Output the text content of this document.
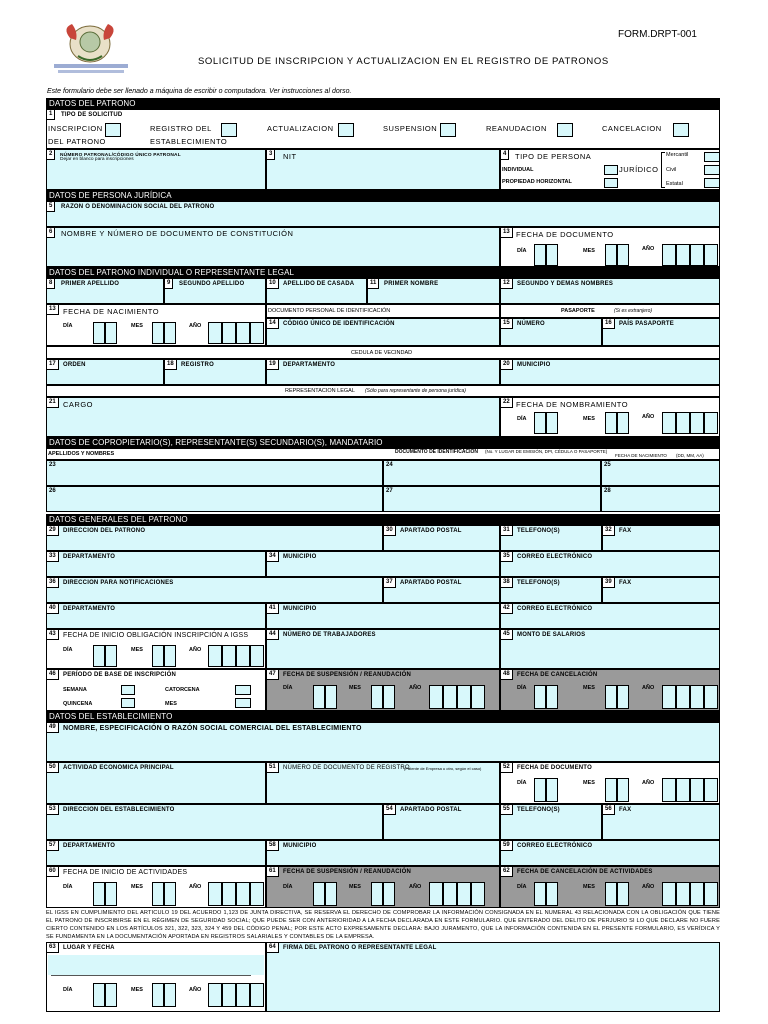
FORM.DRPT-001
SOLICITUD DE INSCRIPCION Y ACTUALIZACION EN EL REGISTRO DE PATRONOS
Este formulario debe ser llenado a máquina de escribir o computadora. Ver instrucciones al dorso.
DATOS DEL PATRONO
1	TIPO DE SOLICITUD
INSCRIPCION
DEL PATRONO
REGISTRO DEL
ESTABLECIMIENTO
ACTUALIZACION	SUSPENSION	REANUDACION	CANCELACION
2	NÚMERO PATRONAL/CÓDIGO ÚNICO PATRONAL
Dejar en blanco para inscripciones
3	NIT	4	TIPO DE PERSONA
INDIVIDUAL	JURÍDICO
PROPIEDAD HORIZONTAL
Mercantil
Civil
Estatal
DATOS DE PERSONA JURÍDICA
5	RAZON O DENOMINACION SOCIAL DEL PATRONO
6	NOMBRE Y NÚMERO DE DOCUMENTO DE CONSTITUCIÓN	13 FECHA DE DOCUMENTO
DÍA	MES	AÑO
DATOS DEL PATRONO INDIVIDUAL O REPRESENTANTE LEGAL
8	PRIMER APELLIDO	9	SEGUNDO APELLIDO	10	APELLIDO DE CASADA	11	PRIMER NOMBRE	12	SEGUNDO Y DEMAS NOMBRES
13 FECHA DE NACIMIENTO
DÍA	MES	AÑO
DOCUMENTO PERSONAL DE IDENTIFICACIÓN	PASAPORTE	(Si es extranjero)
14	CÓDIGO ÚNICO DE IDENTIFICACIÓN	15	NÚMERO	16	PAÍS PASAPORTE
CEDULA DE VECINDAD
17	ORDEN	18	REGISTRO	19	DEPARTAMENTO	20	MUNICIPIO
REPRESENTACION LEGAL (Sólo para representante de persona jurídica)
21 CARGO	22 FECHA DE NOMBRAMIENTO
DÍA	MES	AÑO
DATOS DE COPROPIETARIO(S), REPRESENTANTE(S) SECUNDARIO(S), MANDATARIO
APELLIDOS Y NOMBRES	DOCUMENTO DE IDENTIFICACIÓN (No. Y LUGAR DE EMISIÓN, DPI, CÉDULA O PASAPORTE)
FECHA DE NACIMIENTO (DD, MM, AA)
23	24	25
26	27	28
DATOS GENERALES DEL PATRONO
29	DIRECCION DEL PATRONO	30	APARTADO POSTAL	31	TELEFONO(S)	32	FAX
33	DEPARTAMENTO	34	MUNICIPIO	35	CORREO ELECTRÓNICO
36	DIRECCION PARA NOTIFICACIONES	37	APARTADO POSTAL	38	TELEFONO(S)	39	FAX
40	DEPARTAMENTO	41	MUNICIPIO	42	CORREO ELECTRÓNICO
43	FECHA DE INICIO OBLIGACIÓN INSCRIPCIÓN A IGSS
DÍA	MES	AÑO
44	NÚMERO DE TRABAJADORES	45	MONTO DE SALARIOS
46	PERÍODO DE BASE DE INSCRIPCIÓN
SEMANA	CATORCENA
QUINCENA	MES
47	FECHA DE SUSPENSIÓN / REANUDACIÓN
DÍA	MES	AÑO
48	FECHA DE CANCELACIÓN
DÍA	MES	AÑO
DATOS DEL ESTABLECIMIENTO
49	NOMBRE, ESPECIFICACIÓN O RAZÓN SOCIAL COMERCIAL DEL ESTABLECIMIENTO
50	ACTIVIDAD ECONOMICA PRINCIPAL	51	NÚMERO DE DOCUMENTO DE REGISTRO
(Patente de Empresa u otro, según el caso)	52	FECHA DE DOCUMENTO
DÍA	MES	AÑO
53	DIRECCION DEL ESTABLECIMIENTO	54	APARTADO POSTAL	55	TELEFONO(S)	56	FAX
57	DEPARTAMENTO	58	MUNICIPIO	59	CORREO ELECTRÓNICO
60	FECHA DE INICIO DE ACTIVIDADES
DÍA	MES	AÑO
61	FECHA DE SUSPENSIÓN / REANUDACIÓN
DÍA	MES	AÑO
62	FECHA DE CANCELACIÓN DE ACTIVIDADES
DÍA	MES	AÑO
EL IGSS EN CUMPLIMIENTO DEL ARTICULO 19 DEL ACUERDO 1,123 DE JUNTA DIRECTIVA, SE RESERVA EL DERECHO DE COMPROBAR LA INFORMACIÓN CONSIGNADA EN EL NUMERAL 43 RELACIONADA CON LA OBLIGACIÓN QUE TIENE EL PATRONO DE INSCRIBIRSE EN EL RÉGIMEN DE SEGURIDAD SOCIAL; QUE PUEDE SER CON ANTERIORIDAD A LA FECHA DECLARADA EN ESTE FORMULARIO. QUE ENTERADO DEL DELITO DE PERJURIO SI LO QUE DECLARE NO FUERE CIERTO CONTENIDO EN LOS ARTÍCULOS 321, 322, 323, 324 Y 459 DEL CÓDIGO PENAL; POR ESTE ACTO EXPRESAMENTE DECLARA: BAJO JURAMENTO, QUE LA INFORMACIÓN CONTENIDA EN EL PRESENTE FORMULARIO, ES VERÍDICA Y SE FUNDAMENTA EN LA DOCUMENTACIÓN APORTADA EN REGISTROS SALARIALES Y CONTABLES DE LA EMPRESA.
63	LUGAR Y FECHA
DÍA	MES	AÑO
64	FIRMA DEL PATRONO O REPRESENTANTE LEGAL
